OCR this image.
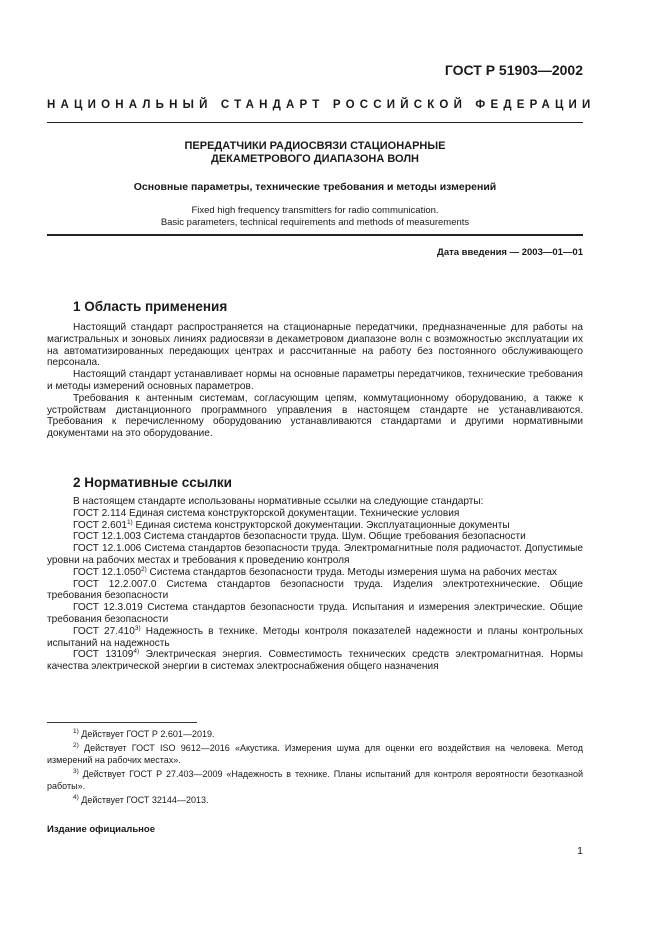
ГОСТ Р 51903—2002
НАЦИОНАЛЬНЫЙ СТАНДАРТ РОССИЙСКОЙ ФЕДЕРАЦИИ
ПЕРЕДАТЧИКИ РАДИОСВЯЗИ СТАЦИОНАРНЫЕ
ДЕКАМЕТРОВОГО ДИАПАЗОНА ВОЛН
Основные параметры, технические требования и методы измерений
Fixed high frequency transmitters for radio communication.
Basic parameters, technical requirements and methods of measurements
Дата введения — 2003—01—01
1 Область применения

Настоящий стандарт распространяется на стационарные передатчики, предназначенные для работы на магистральных и зоновых линиях радиосвязи в декаметровом диапазоне волн с возможностью эксплуатации их на автоматизированных передающих центрах и рассчитанные на работу без постоянного обслуживающего персонала.

Настоящий стандарт устанавливает нормы на основные параметры передатчиков, технические требования и методы измерений основных параметров.

Требования к антенным системам, согласующим цепям, коммутационному оборудованию, а также к устройствам дистанционного программного управления в настоящем стандарте не устанавливаются. Требования к перечисленному оборудованию устанавливаются стандартами и другими нормативными документами на это оборудование.

2 Нормативные ссылки

В настоящем стандарте использованы нормативные ссылки на следующие стандарты:

ГОСТ 2.114 Единая система конструкторской документации. Технические условия

ГОСТ 2.601$^{1)}$ Единая система конструкторской документации. Эксплуатационные документы

ГОСТ 12.1.003 Система стандартов безопасности труда. Шум. Общие требования безопасности

ГОСТ 12.1.006 Система стандартов безопасности труда. Электромагнитные поля радиочастот. Допустимые уровни на рабочих местах и требования к проведению контроля

ГОСТ 12.1.050$^{2)}$ Система стандартов безопасности труда. Методы измерения шума на рабочих местах

ГОСТ 12.2.007.0 Система стандартов безопасности труда. Изделия электротехнические. Общие требования безопасности

ГОСТ 12.3.019 Система стандартов безопасности труда. Испытания и измерения электрические. Общие требования безопасности

ГОСТ 27.410$^{3)}$ Надежность в технике. Методы контроля показателей надежности и планы контрольных испытаний на надежность

ГОСТ 13109$^{4)}$ Электрическая энергия. Совместимость технических средств электромагнитная. Нормы качества электрической энергии в системах электроснабжения общего назначения

$^{1)}$ Действует ГОСТ Р 2.601—2019.

$^{2)}$ Действует ГОСТ ISO 9612—2016 «Акустика. Измерения шума для оценки его воздействия на человека. Метод измерений на рабочих местах».

$^{3)}$ Действует ГОСТ Р 27.403—2009 «Надежность в технике. Планы испытаний для контроля вероятности безотказной работы».

$^{4)}$ Действует ГОСТ 32144—2013.

Издание официальное
1
